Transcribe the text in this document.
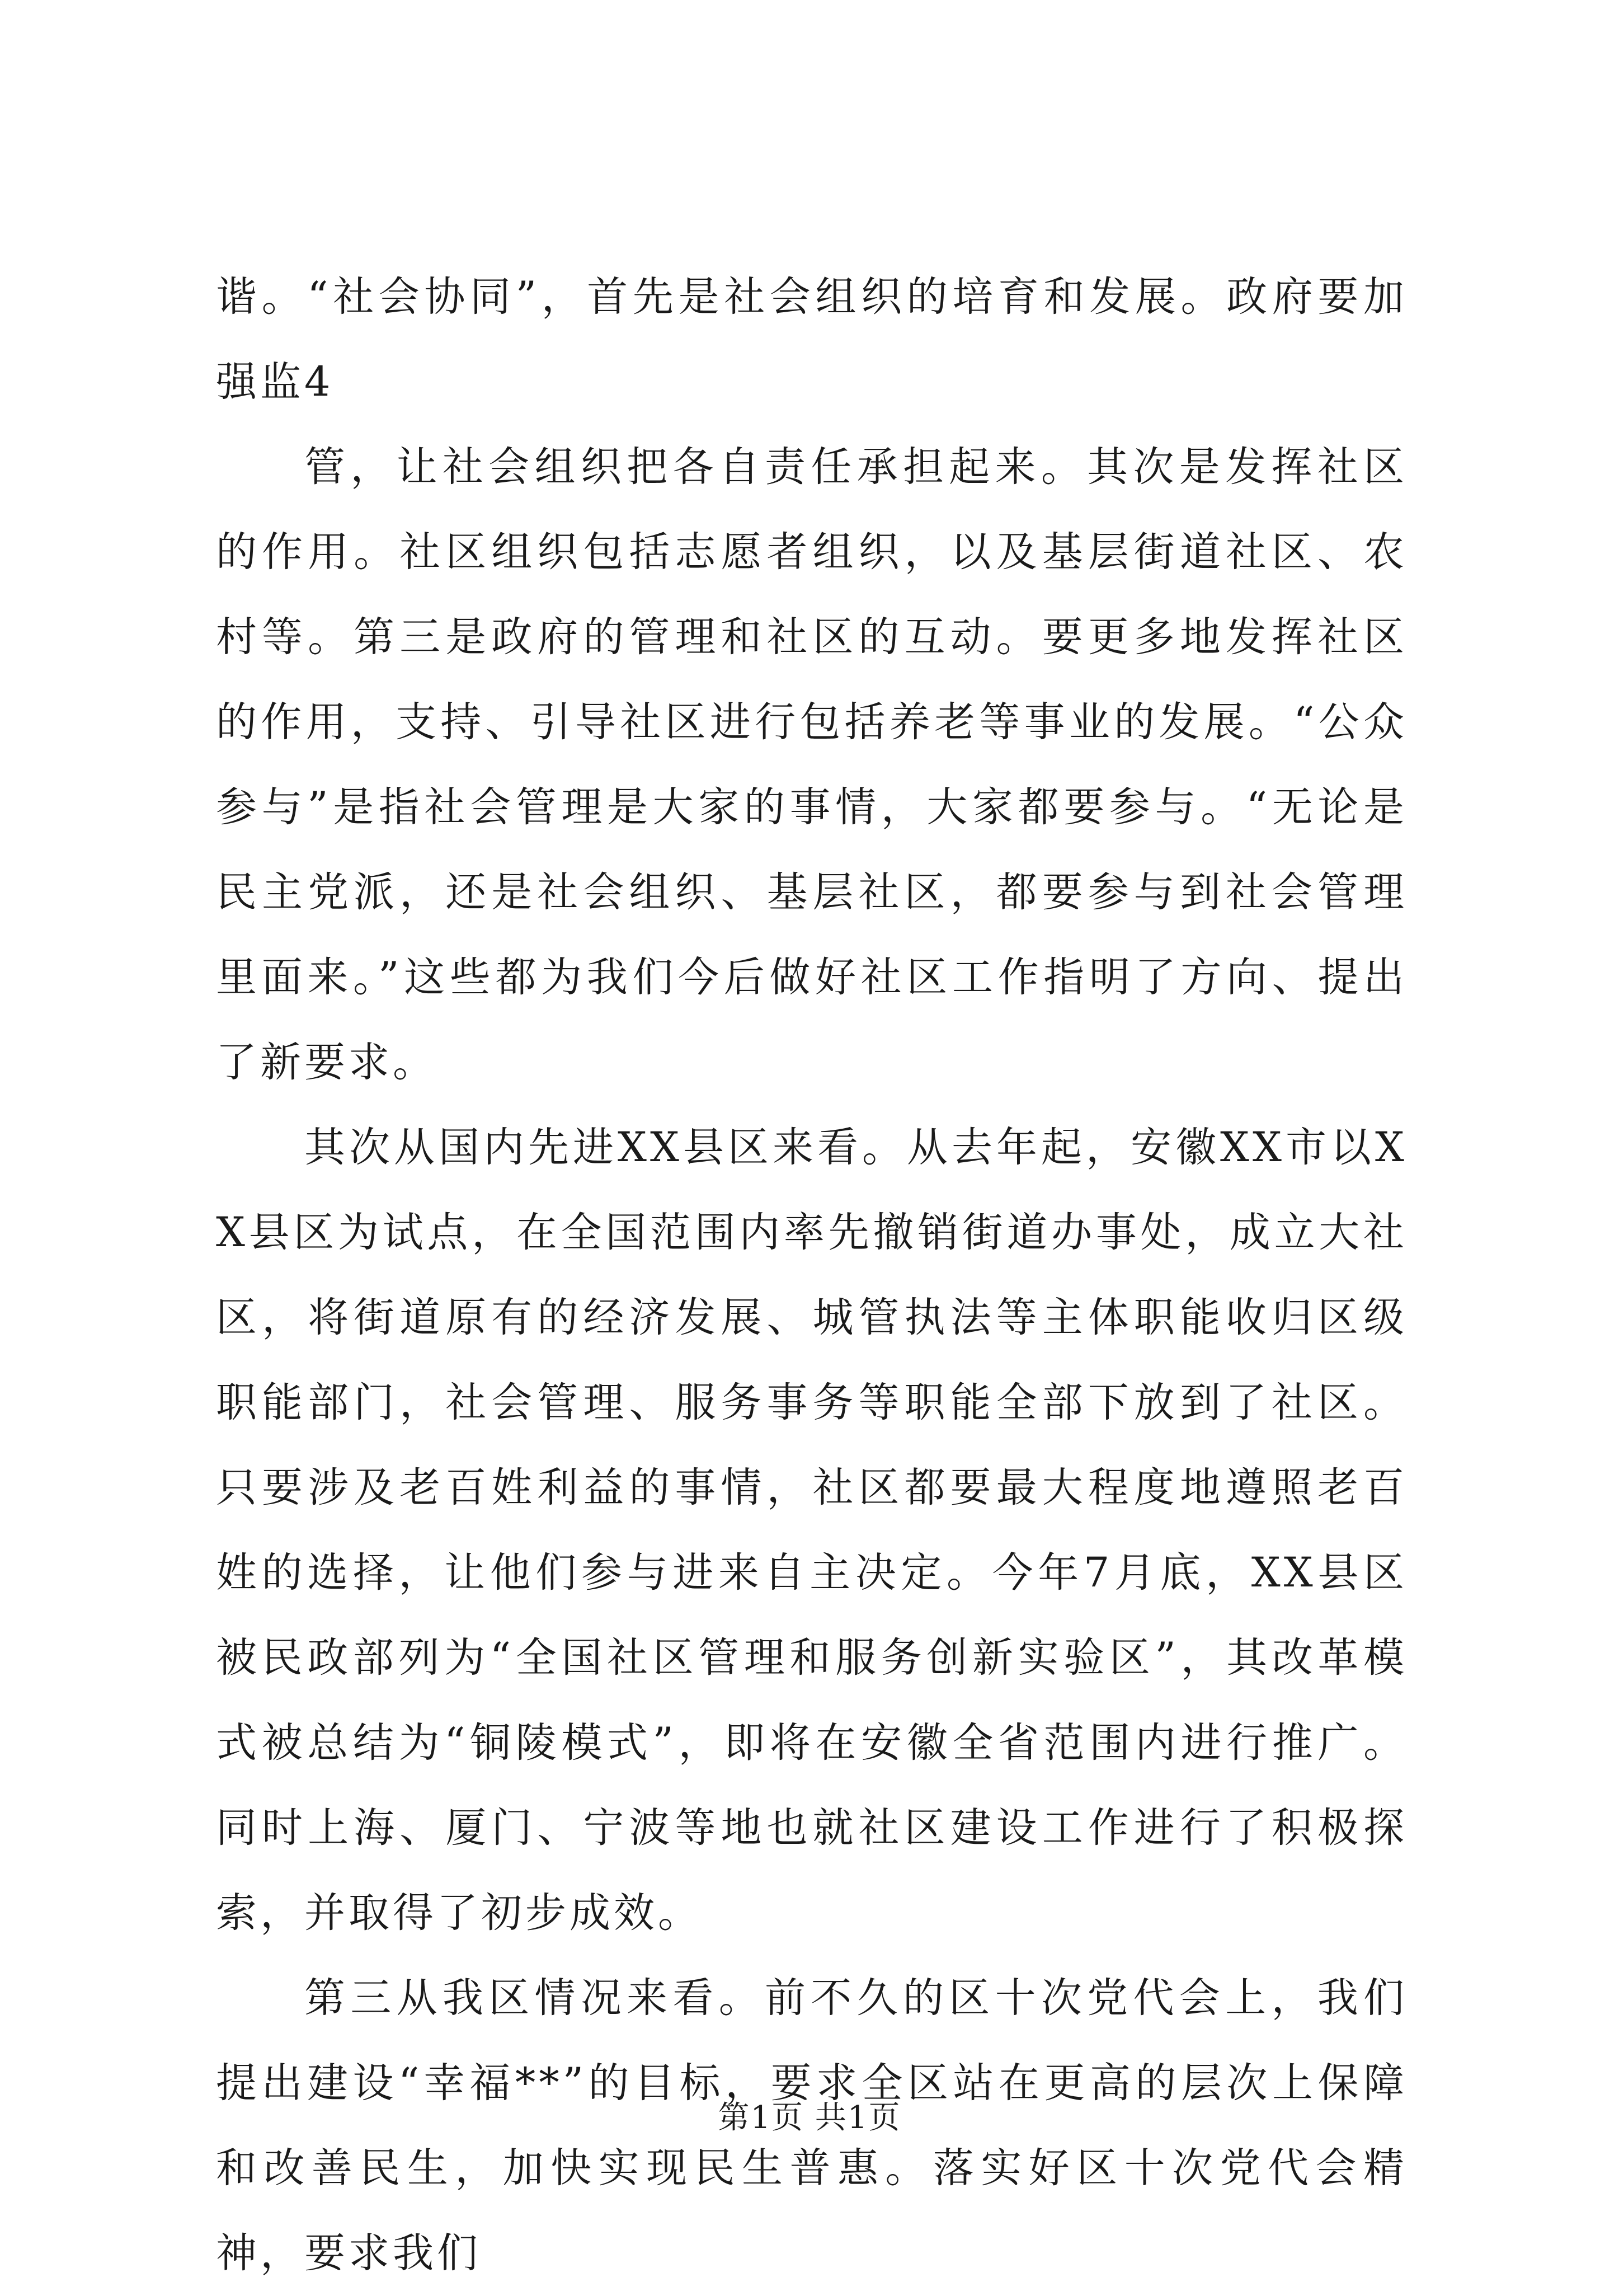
谐。“社会协同”，首先是社会组织的培育和发展。政府要加强监4

管，让社会组织把各自责任承担起来。其次是发挥社区的作用。社区组织包括志愿者组织，以及基层街道社区、农村等。第三是政府的管理和社区的互动。要更多地发挥社区的作用，支持、引导社区进行包括养老等事业的发展。“公众参与”是指社会管理是大家的事情，大家都要参与。“无论是民主党派，还是社会组织、基层社区，都要参与到社会管理里面来。”这些都为我们今后做好社区工作指明了方向、提出了新要求。

其次从国内先进XX县区来看。从去年起，安徽XX市以XX县区为试点，在全国范围内率先撤销街道办事处，成立大社区，将街道原有的经济发展、城管执法等主体职能收归区级职能部门，社会管理、服务事务等职能全部下放到了社区。只要涉及老百姓利益的事情，社区都要最大程度地遵照老百姓的选择，让他们参与进来自主决定。今年7月底，XX县区被民政部列为“全国社区管理和服务创新实验区”，其改革模式被总结为“铜陵模式”，即将在安徽全省范围内进行推广。同时上海、厦门、宁波等地也就社区建设工作进行了积极探索，并取得了初步成效。

第三从我区情况来看。前不久的区十次党代会上，我们提出建设“幸福**”的目标，要求全区站在更高的层次上保障和改善民生，加快实现民生普惠。落实好区十次党代会精神，要求我们

第1页 共1页
